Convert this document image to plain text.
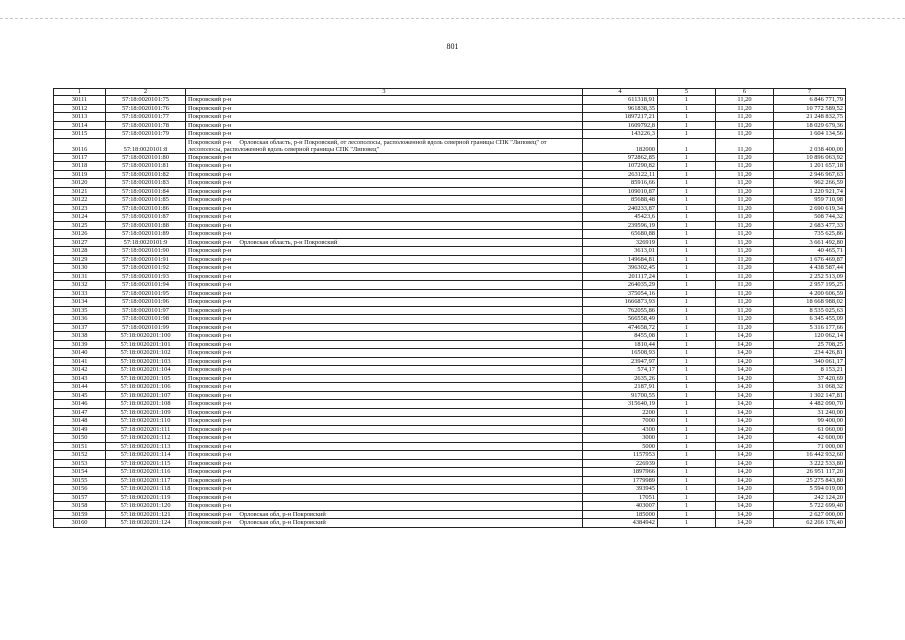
801
1	2	3	4	5	6	7
30111	57:18:0020101:75	Покровский р-н	611318,91	1	11,20	6 846 771,79
30112	57:18:0020101:76	Покровский р-н	961838,35	1	11,20	10 772 589,52
30113	57:18:0020101:77	Покровский р-н	1897217,21	1	11,20	21 248 832,75
30114	57:18:0020101:78	Покровский р-н	1609792,8	1	11,20	18 029 679,36
30115	57:18:0020101:79	Покровский р-н	143226,3	1	11,20	1 604 134,56
30116	57:18:0020101:8	Покровский р-н Орловская область, р-н Покровский, от лесополосы, расположенной вдоль северной границы СПК "Липовец" от лесополосы, расположенной вдоль северной границы СПК "Липовец"	182000	1	11,20	2 038 400,00
30117	57:18:0020101:80	Покровский р-н	972862,85	1	11,20	10 896 063,92
30118	57:18:0020101:81	Покровский р-н	107290,82	1	11,20	1 201 657,18
30119	57:18:0020101:82	Покровский р-н	263122,11	1	11,20	2 946 967,63
30120	57:18:0020101:83	Покровский р-н	85916,66	1	11,20	962 266,59
30121	57:18:0020101:84	Покровский р-н	109010,87	1	11,20	1 220 921,74
30122	57:18:0020101:85	Покровский р-н	85688,48	1	11,20	959 710,98
30123	57:18:0020101:86	Покровский р-н	240233,87	1	11,20	2 690 619,34
30124	57:18:0020101:87	Покровский р-н	45423,6	1	11,20	508 744,32
30125	57:18:0020101:88	Покровский р-н	239596,19	1	11,20	2 683 477,33
30126	57:18:0020101:89	Покровский р-н	65680,88	1	11,20	735 625,86
30127	57:18:0020101:9	Покровский р-н Орловская область, р-н Покровский	326919	1	11,20	3 661 492,80
30128	57:18:0020101:90	Покровский р-н	3613,01	1	11,20	40 465,71
30129	57:18:0020101:91	Покровский р-н	149684,81	1	11,20	1 676 469,87
30130	57:18:0020101:92	Покровский р-н	396302,45	1	11,20	4 438 587,44
30131	57:18:0020101:93	Покровский р-н	201117,24	1	11,20	2 252 513,09
30132	57:18:0020101:94	Покровский р-н	264035,29	1	11,20	2 957 195,25
30133	57:18:0020101:95	Покровский р-н	375054,16	1	11,20	4 200 606,59
30134	57:18:0020101:96	Покровский р-н	1666873,93	1	11,20	18 668 988,02
30135	57:18:0020101:97	Покровский р-н	762055,86	1	11,20	8 535 025,63
30136	57:18:0020101:98	Покровский р-н	566558,49	1	11,20	6 345 455,09
30137	57:18:0020101:99	Покровский р-н	474658,72	1	11,20	5 316 177,66
30138	57:18:0020201:100	Покровский р-н	8455,08	1	14,20	120 062,14
30139	57:18:0020201:101	Покровский р-н	1810,44	1	14,20	25 708,25
30140	57:18:0020201:102	Покровский р-н	16508,93	1	14,20	234 426,81
30141	57:18:0020201:103	Покровский р-н	23947,97	1	14,20	340 061,17
30142	57:18:0020201:104	Покровский р-н	574,17	1	14,20	8 153,21
30143	57:18:0020201:105	Покровский р-н	2635,26	1	14,20	37 420,69
30144	57:18:0020201:106	Покровский р-н	2187,91	1	14,20	31 068,32
30145	57:18:0020201:107	Покровский р-н	91700,55	1	14,20	1 302 147,81
30146	57:18:0020201:108	Покровский р-н	315640,19	1	14,20	4 482 090,70
30147	57:18:0020201:109	Покровский р-н	2200	1	14,20	31 240,00
30148	57:18:0020201:110	Покровский р-н	7000	1	14,20	99 400,00
30149	57:18:0020201:111	Покровский р-н	4300	1	14,20	61 060,00
30150	57:18:0020201:112	Покровский р-н	3000	1	14,20	42 600,00
30151	57:18:0020201:113	Покровский р-н	5000	1	14,20	71 000,00
30152	57:18:0020201:114	Покровский р-н	1157953	1	14,20	16 442 932,60
30153	57:18:0020201:115	Покровский р-н	226939	1	14,20	3 222 533,80
30154	57:18:0020201:116	Покровский р-н	1897966	1	14,20	26 951 117,20
30155	57:18:0020201:117	Покровский р-н	1779989	1	14,20	25 275 843,80
30156	57:18:0020201:118	Покровский р-н	393945	1	14,20	5 594 019,00
30157	57:18:0020201:119	Покровский р-н	17051	1	14,20	242 124,20
30158	57:18:0020201:120	Покровский р-н	403007	1	14,20	5 722 699,40
30159	57:18:0020201:121	Покровский р-н Орловская обл, р-н Покровский	185000	1	14,20	2 627 000,00
30160	57:18:0020201:124	Покровский р-н Орловская обл, р-н Покровский	4384942	1	14,20	62 266 176,40
